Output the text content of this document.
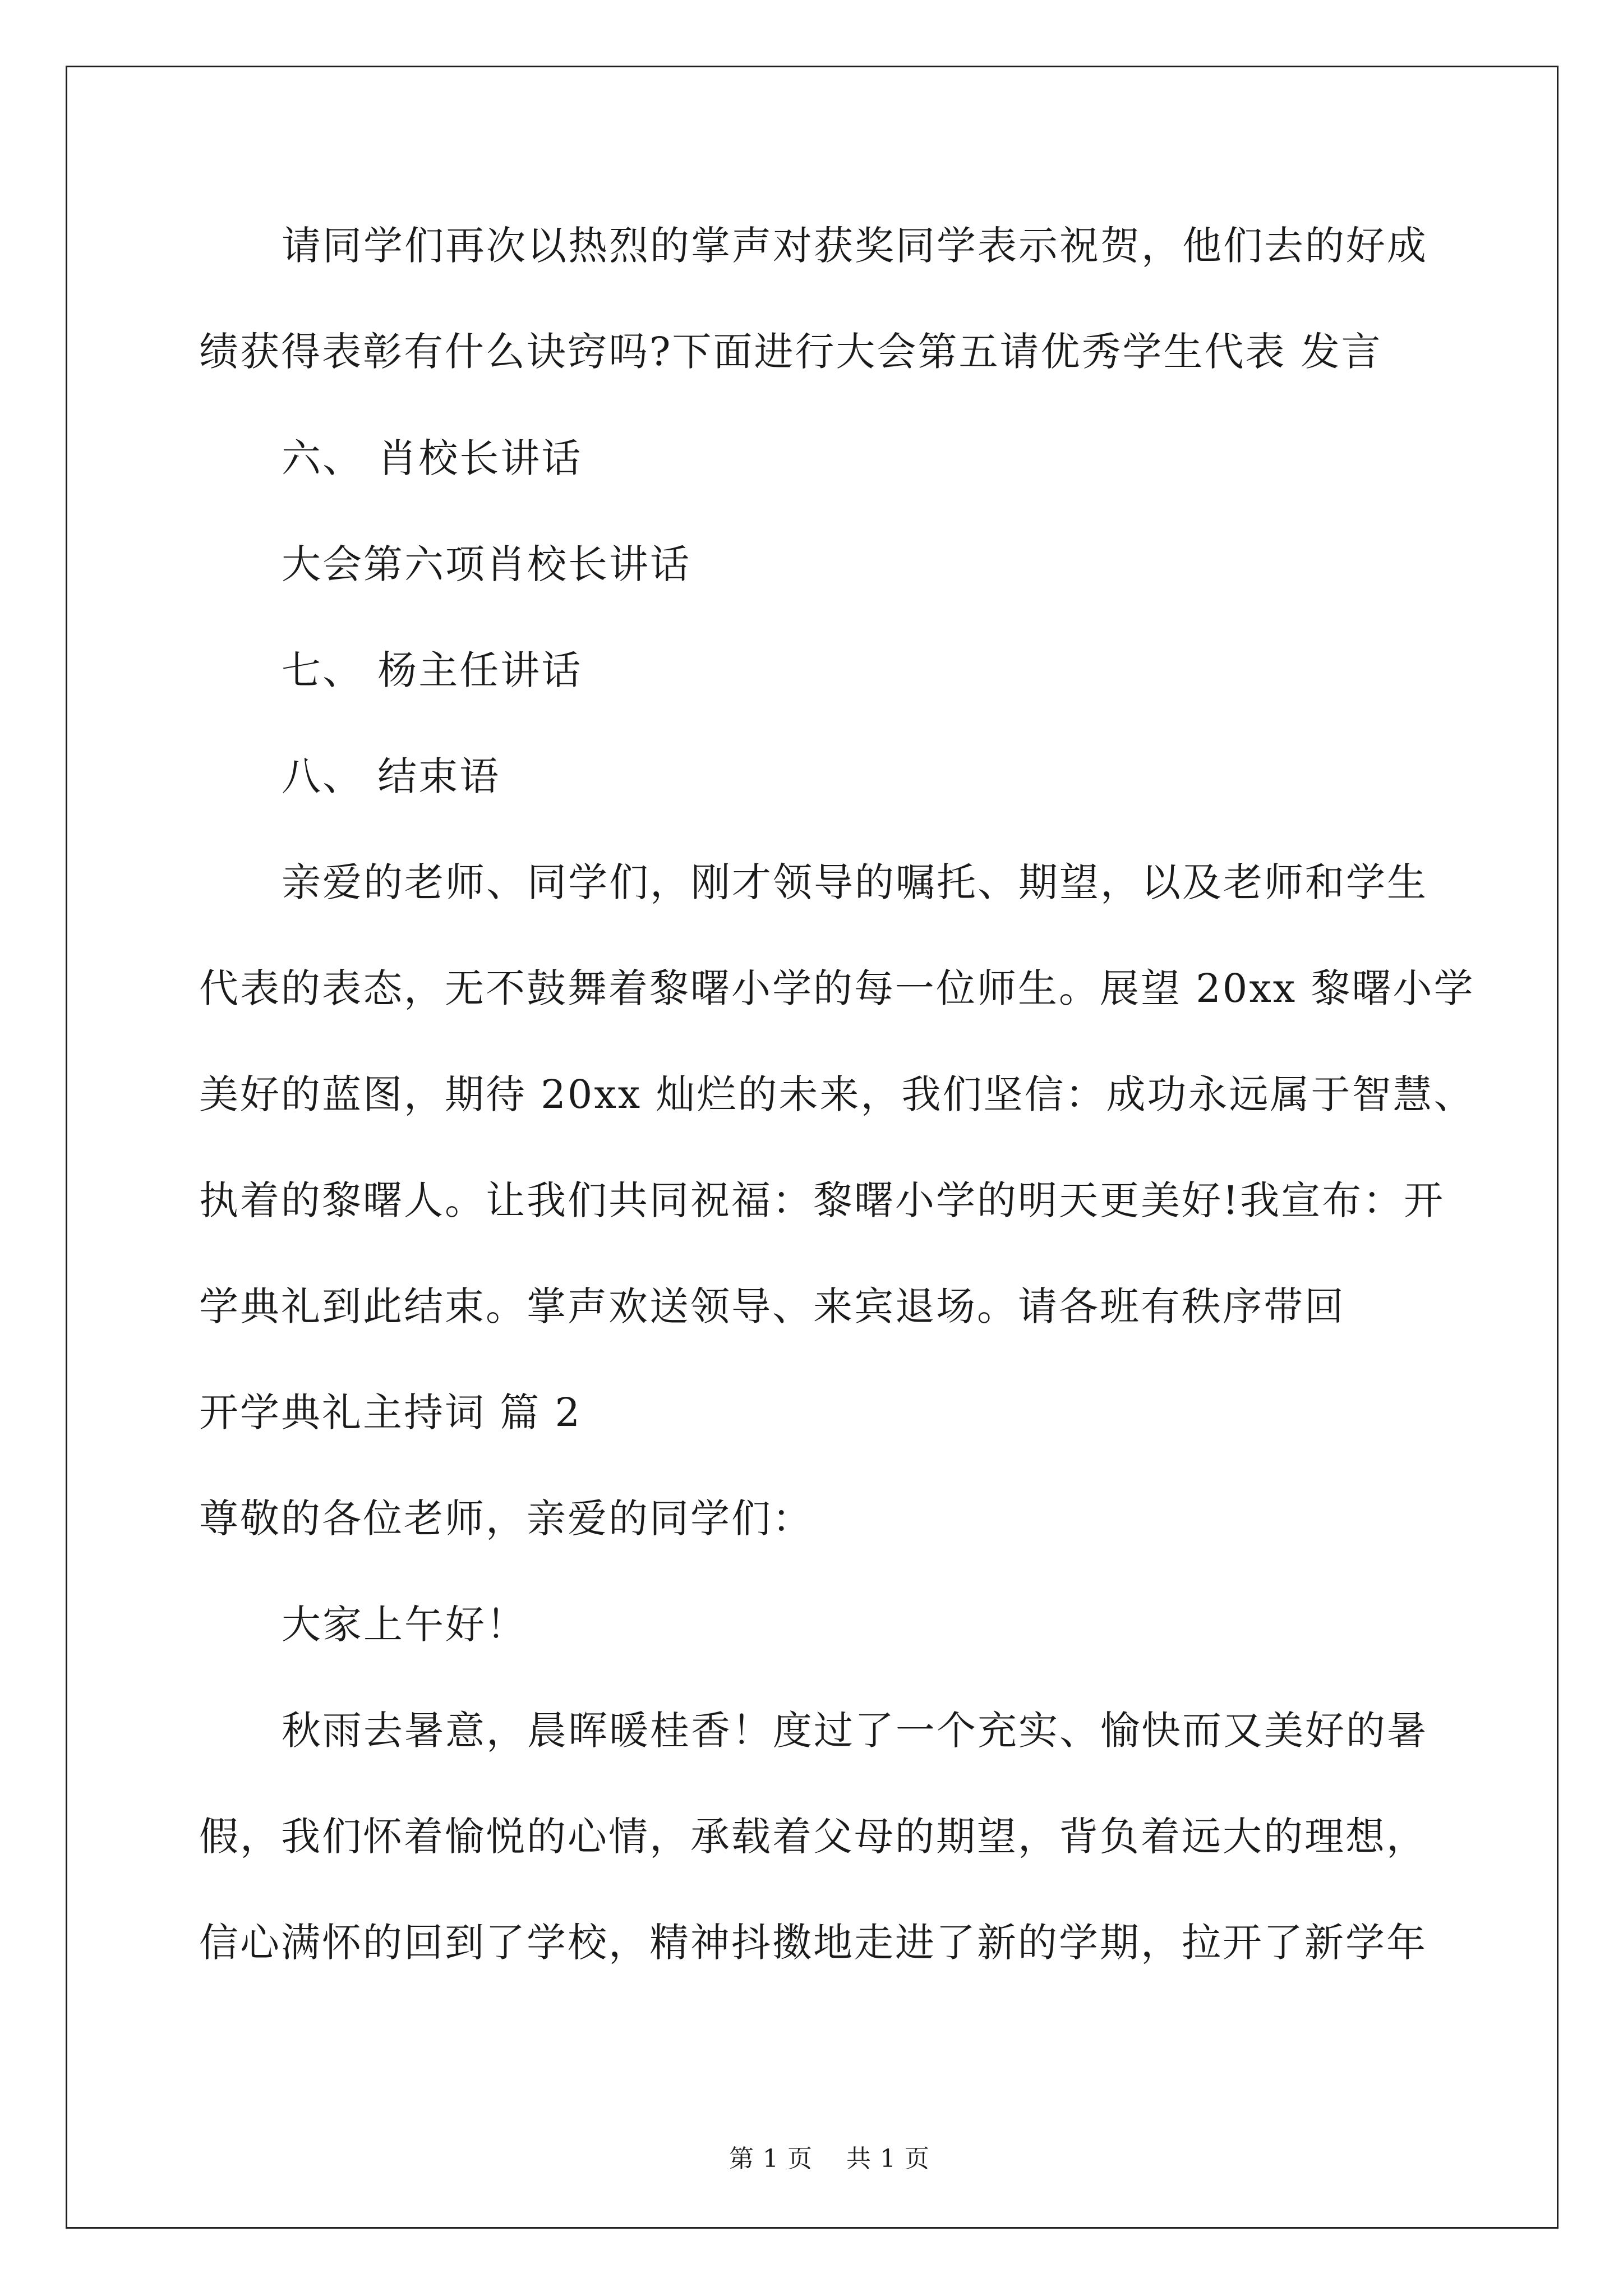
请同学们再次以热烈的掌声对获奖同学表示祝贺，他们去的好成
绩获得表彰有什么诀窍吗?下面进行大会第五请优秀学生代表 发言
六、 肖校长讲话
大会第六项肖校长讲话
七、 杨主任讲话
八、 结束语
亲爱的老师、同学们，刚才领导的嘱托、期望，以及老师和学生
代表的表态，无不鼓舞着黎曙小学的每一位师生。展望 20xx 黎曙小学
美好的蓝图，期待 20xx 灿烂的未来，我们坚信：成功永远属于智慧、
执着的黎曙人。让我们共同祝福：黎曙小学的明天更美好!我宣布：开
学典礼到此结束。掌声欢送领导、来宾退场。请各班有秩序带回
开学典礼主持词 篇 2
尊敬的各位老师，亲爱的同学们：
大家上午好！
秋雨去暑意，晨晖暖桂香！度过了一个充实、愉快而又美好的暑
假，我们怀着愉悦的心情，承载着父母的期望，背负着远大的理想，
信心满怀的回到了学校，精神抖擞地走进了新的学期，拉开了新学年
第 1 页 共 1 页
